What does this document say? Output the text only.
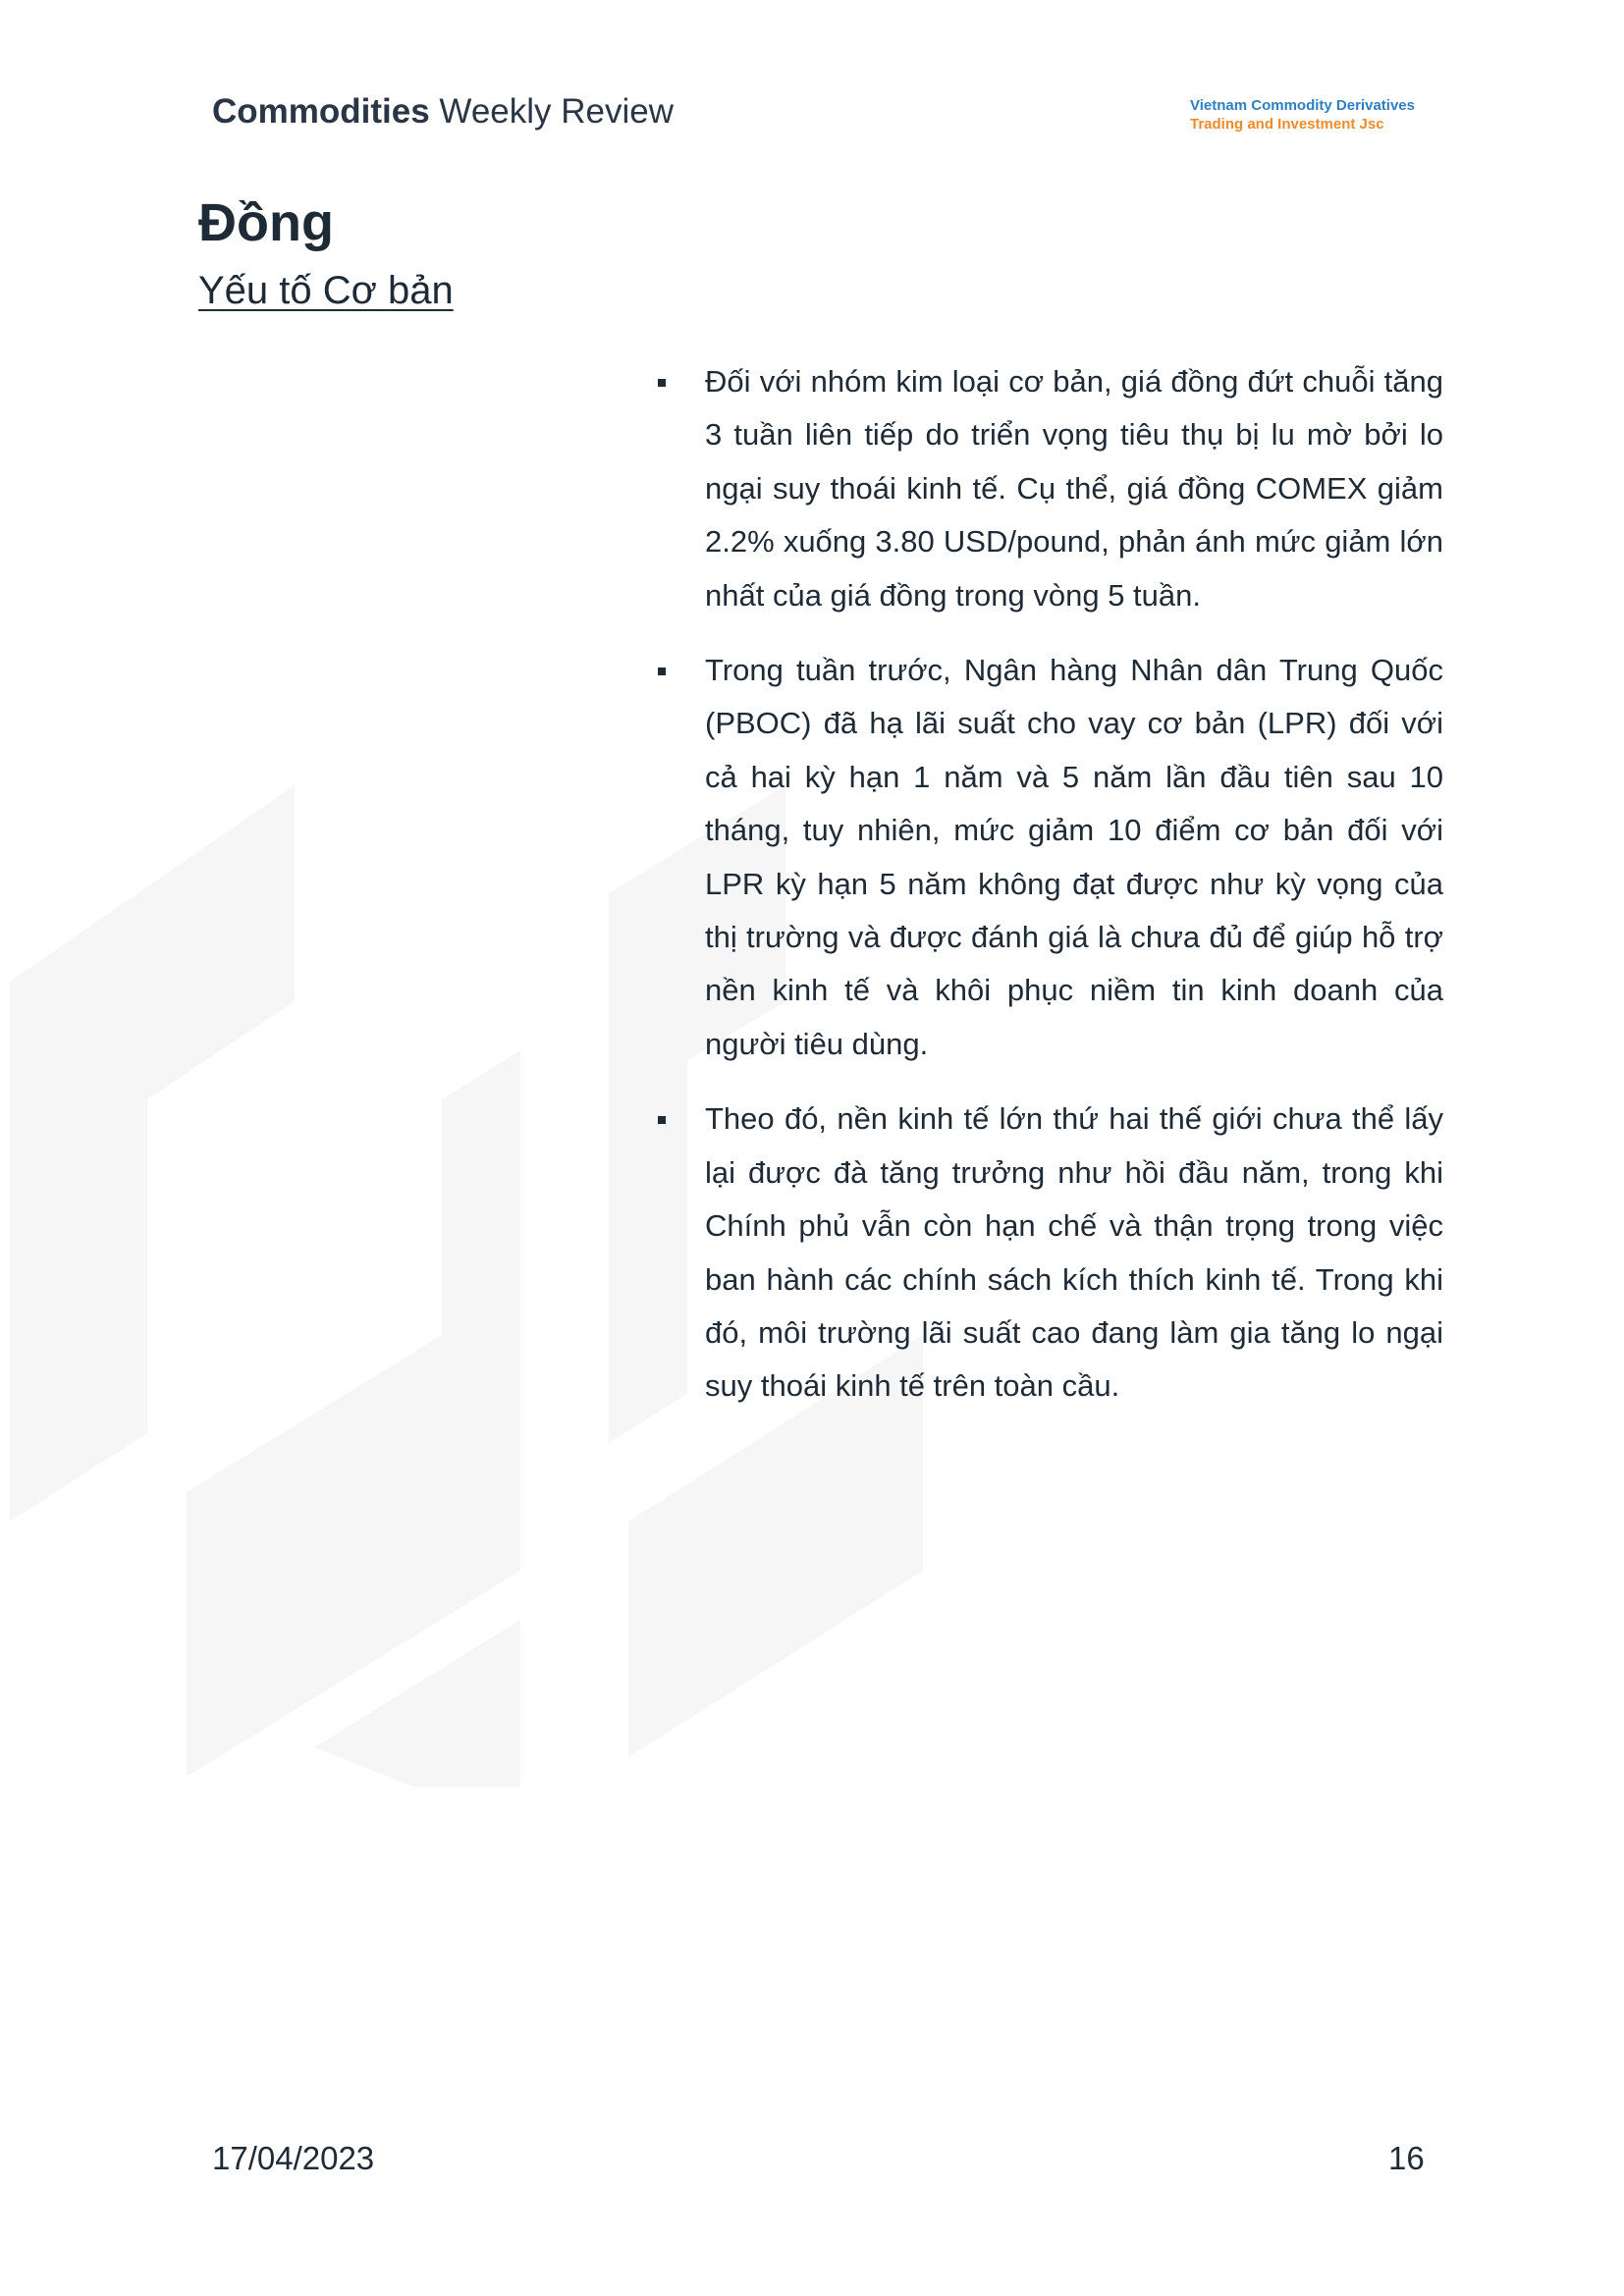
Commodities Weekly Review	Vietnam Commodity Derivatives
Trading and Investment Jsc
Đồng
Yếu tố Cơ bản
Đối với nhóm kim loại cơ bản, giá đồng đứt chuỗi tăng 3 tuần liên tiếp do triển vọng tiêu thụ bị lu mờ bởi lo ngại suy thoái kinh tế. Cụ thể, giá đồng COMEX giảm 2.2% xuống 3.80 USD/pound, phản ánh mức giảm lớn nhất của giá đồng trong vòng 5 tuần.
Trong tuần trước, Ngân hàng Nhân dân Trung Quốc (PBOC) đã hạ lãi suất cho vay cơ bản (LPR) đối với cả hai kỳ hạn 1 năm và 5 năm lần đầu tiên sau 10 tháng, tuy nhiên, mức giảm 10 điểm cơ bản đối với LPR kỳ hạn 5 năm không đạt được như kỳ vọng của thị trường và được đánh giá là chưa đủ để giúp hỗ trợ nền kinh tế và khôi phục niềm tin kinh doanh của người tiêu dùng.
Theo đó, nền kinh tế lớn thứ hai thế giới chưa thể lấy lại được đà tăng trưởng như hồi đầu năm, trong khi Chính phủ vẫn còn hạn chế và thận trọng trong việc ban hành các chính sách kích thích kinh tế. Trong khi đó, môi trường lãi suất cao đang làm gia tăng lo ngại suy thoái kinh tế trên toàn cầu.
17/04/2023	16
